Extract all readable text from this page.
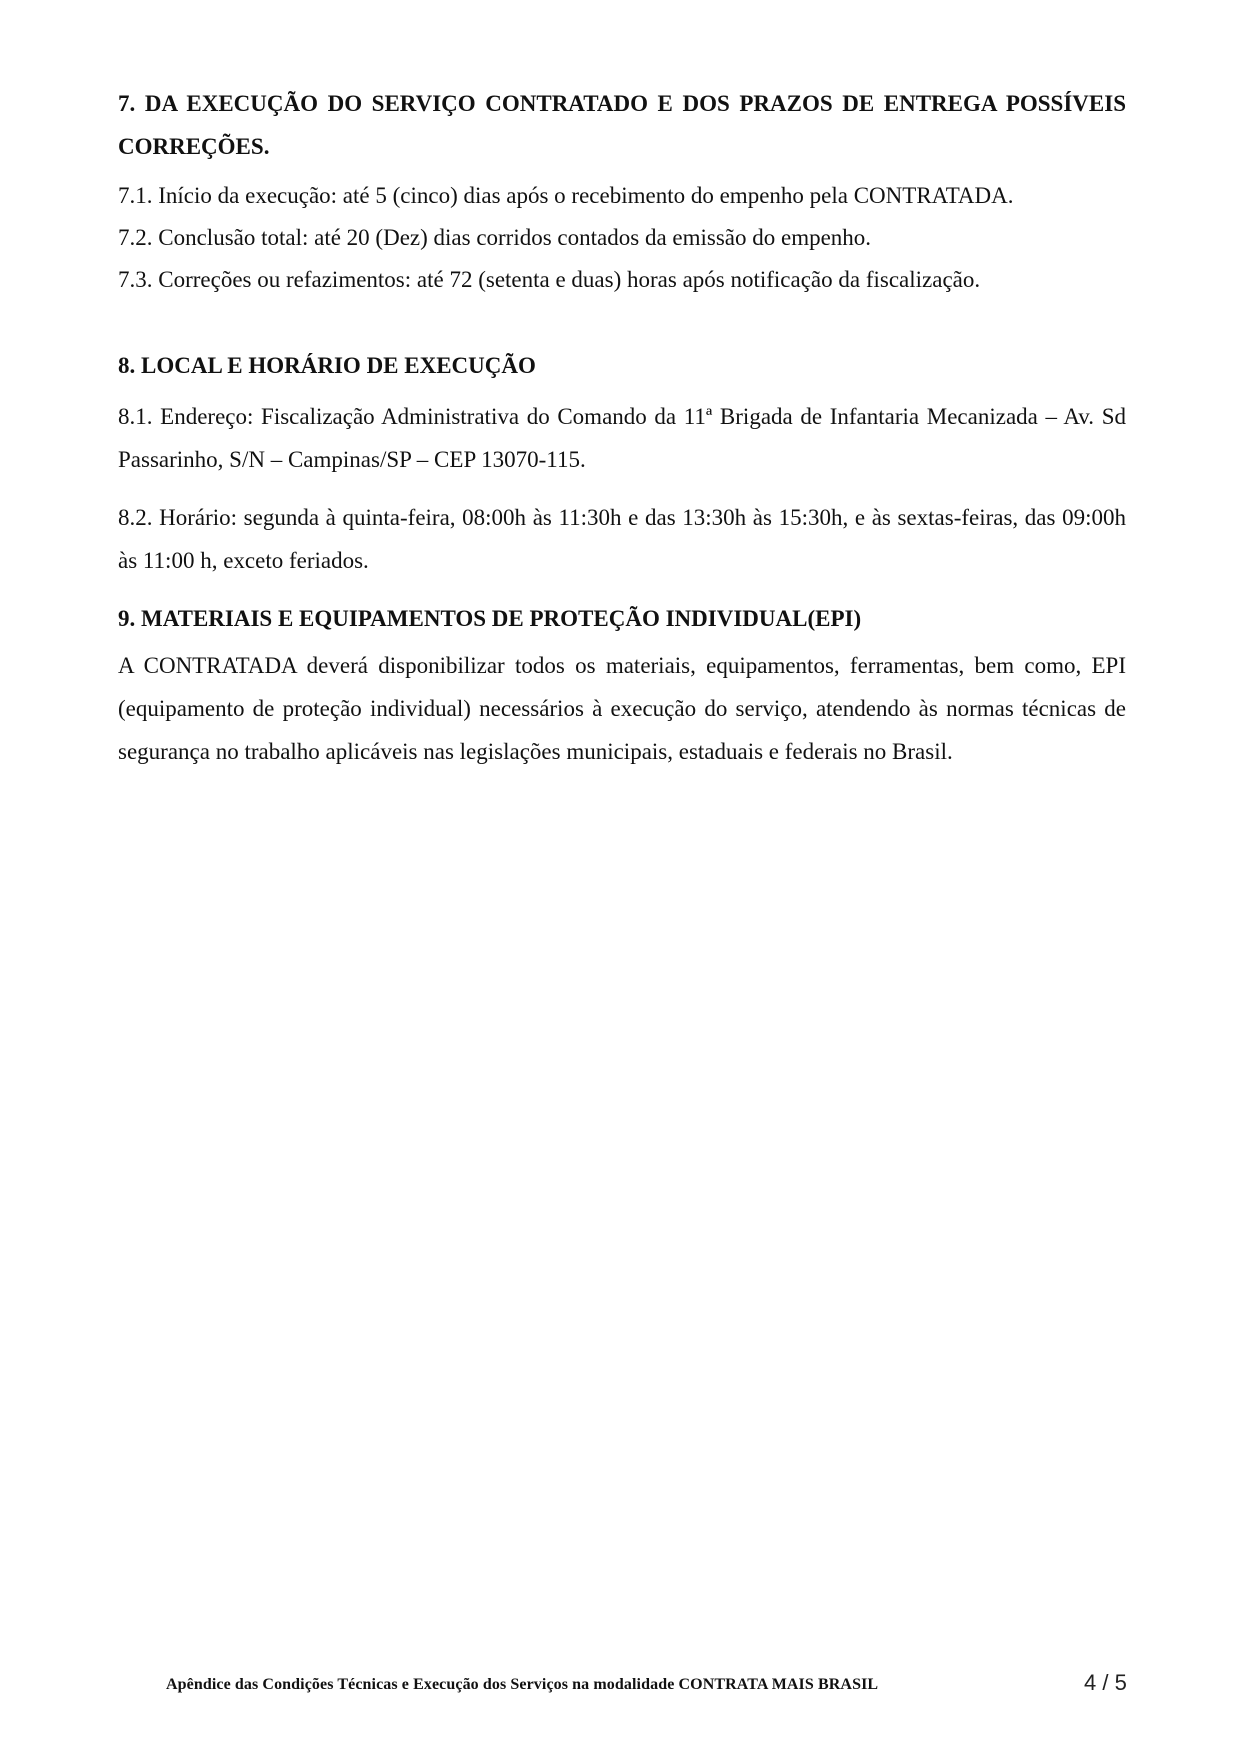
7. DA EXECUÇÃO DO SERVIÇO CONTRATADO E DOS PRAZOS DE ENTREGA POSSÍVEIS CORREÇÕES.

7.1. Início da execução: até 5 (cinco) dias após o recebimento do empenho pela CONTRATADA.

7.2. Conclusão total: até 20 (Dez) dias corridos contados da emissão do empenho.

7.3. Correções ou refazimentos: até 72 (setenta e duas) horas após notificação da fiscalização.

8. LOCAL E HORÁRIO DE EXECUÇÃO

8.1. Endereço: Fiscalização Administrativa do Comando da 11ª Brigada de Infantaria Mecanizada – Av. Sd Passarinho, S/N – Campinas/SP – CEP 13070-115.

8.2. Horário: segunda à quinta-feira, 08:00h às 11:30h e das 13:30h às 15:30h, e às sextas-feiras, das 09:00h às 11:00 h, exceto feriados.

9. MATERIAIS E EQUIPAMENTOS DE PROTEÇÃO INDIVIDUAL(EPI)

A CONTRATADA deverá disponibilizar todos os materiais, equipamentos, ferramentas, bem como, EPI (equipamento de proteção individual) necessários à execução do serviço, atendendo às normas técnicas de segurança no trabalho aplicáveis nas legislações municipais, estaduais e federais no Brasil.

Apêndice das Condições Técnicas e Execução dos Serviços na modalidade CONTRATA MAIS BRASIL	4 / 5
